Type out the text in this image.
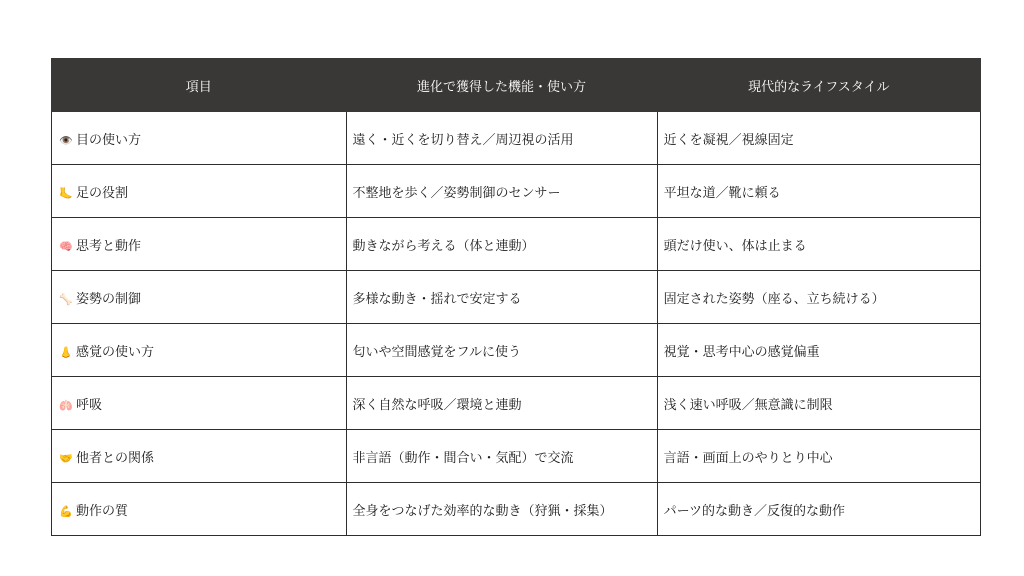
項目	進化で獲得した機能・使い方	現代的なライフスタイル
👁️ 目の使い方	遠く・近くを切り替え／周辺視の活用	近くを凝視／視線固定
🦶 足の役割	不整地を歩く／姿勢制御のセンサー	平坦な道／靴に頼る
🧠 思考と動作	動きながら考える（体と連動）	頭だけ使い、体は止まる
🦴 姿勢の制御	多様な動き・揺れで安定する	固定された姿勢（座る、立ち続ける）
👃 感覚の使い方	匂いや空間感覚をフルに使う	視覚・思考中心の感覚偏重
🫁 呼吸	深く自然な呼吸／環境と連動	浅く速い呼吸／無意識に制限
🤝 他者との関係	非言語（動作・間合い・気配）で交流	言語・画面上のやりとり中心
💪 動作の質	全身をつなげた効率的な動き（狩猟・採集）	パーツ的な動き／反復的な動作
